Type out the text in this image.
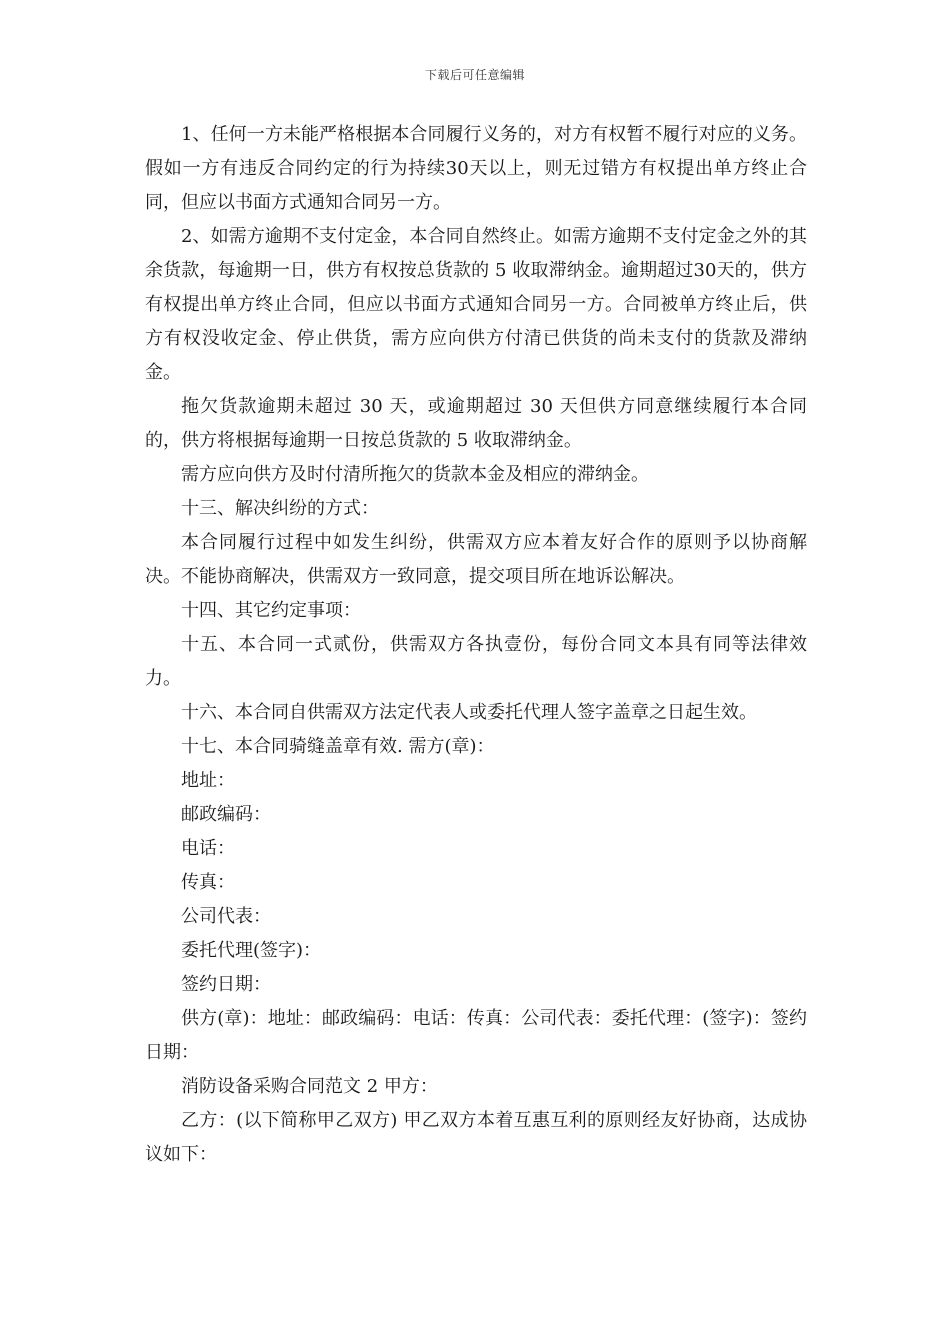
下载后可任意编辑

1、任何一方未能严格根据本合同履行义务的，对方有权暂不履行对应的义务。假如一方有违反合同约定的行为持续30天以上，则无过错方有权提出单方终止合同，但应以书面方式通知合同另一方。

2、如需方逾期不支付定金，本合同自然终止。如需方逾期不支付定金之外的其余货款，每逾期一日，供方有权按总货款的 5 收取滞纳金。逾期超过30天的，供方有权提出单方终止合同，但应以书面方式通知合同另一方。合同被单方终止后，供方有权没收定金、停止供货，需方应向供方付清已供货的尚未支付的货款及滞纳金。

拖欠货款逾期未超过 30 天，或逾期超过 30 天但供方同意继续履行本合同的，供方将根据每逾期一日按总货款的 5 收取滞纳金。

需方应向供方及时付清所拖欠的货款本金及相应的滞纳金。

十三、解决纠纷的方式：

本合同履行过程中如发生纠纷，供需双方应本着友好合作的原则予以协商解决。不能协商解决，供需双方一致同意，提交项目所在地诉讼解决。

十四、其它约定事项：

十五、本合同一式贰份，供需双方各执壹份，每份合同文本具有同等法律效力。

十六、本合同自供需双方法定代表人或委托代理人签字盖章之日起生效。

十七、本合同骑缝盖章有效. 需方(章)：

地址：

邮政编码：

电话：

传真：

公司代表：

委托代理(签字)：

签约日期：

供方(章)：地址：邮政编码：电话：传真：公司代表：委托代理：(签字)：签约日期：

消防设备采购合同范文 2 甲方：

乙方：(以下简称甲乙双方) 甲乙双方本着互惠互利的原则经友好协商，达成协议如下：
